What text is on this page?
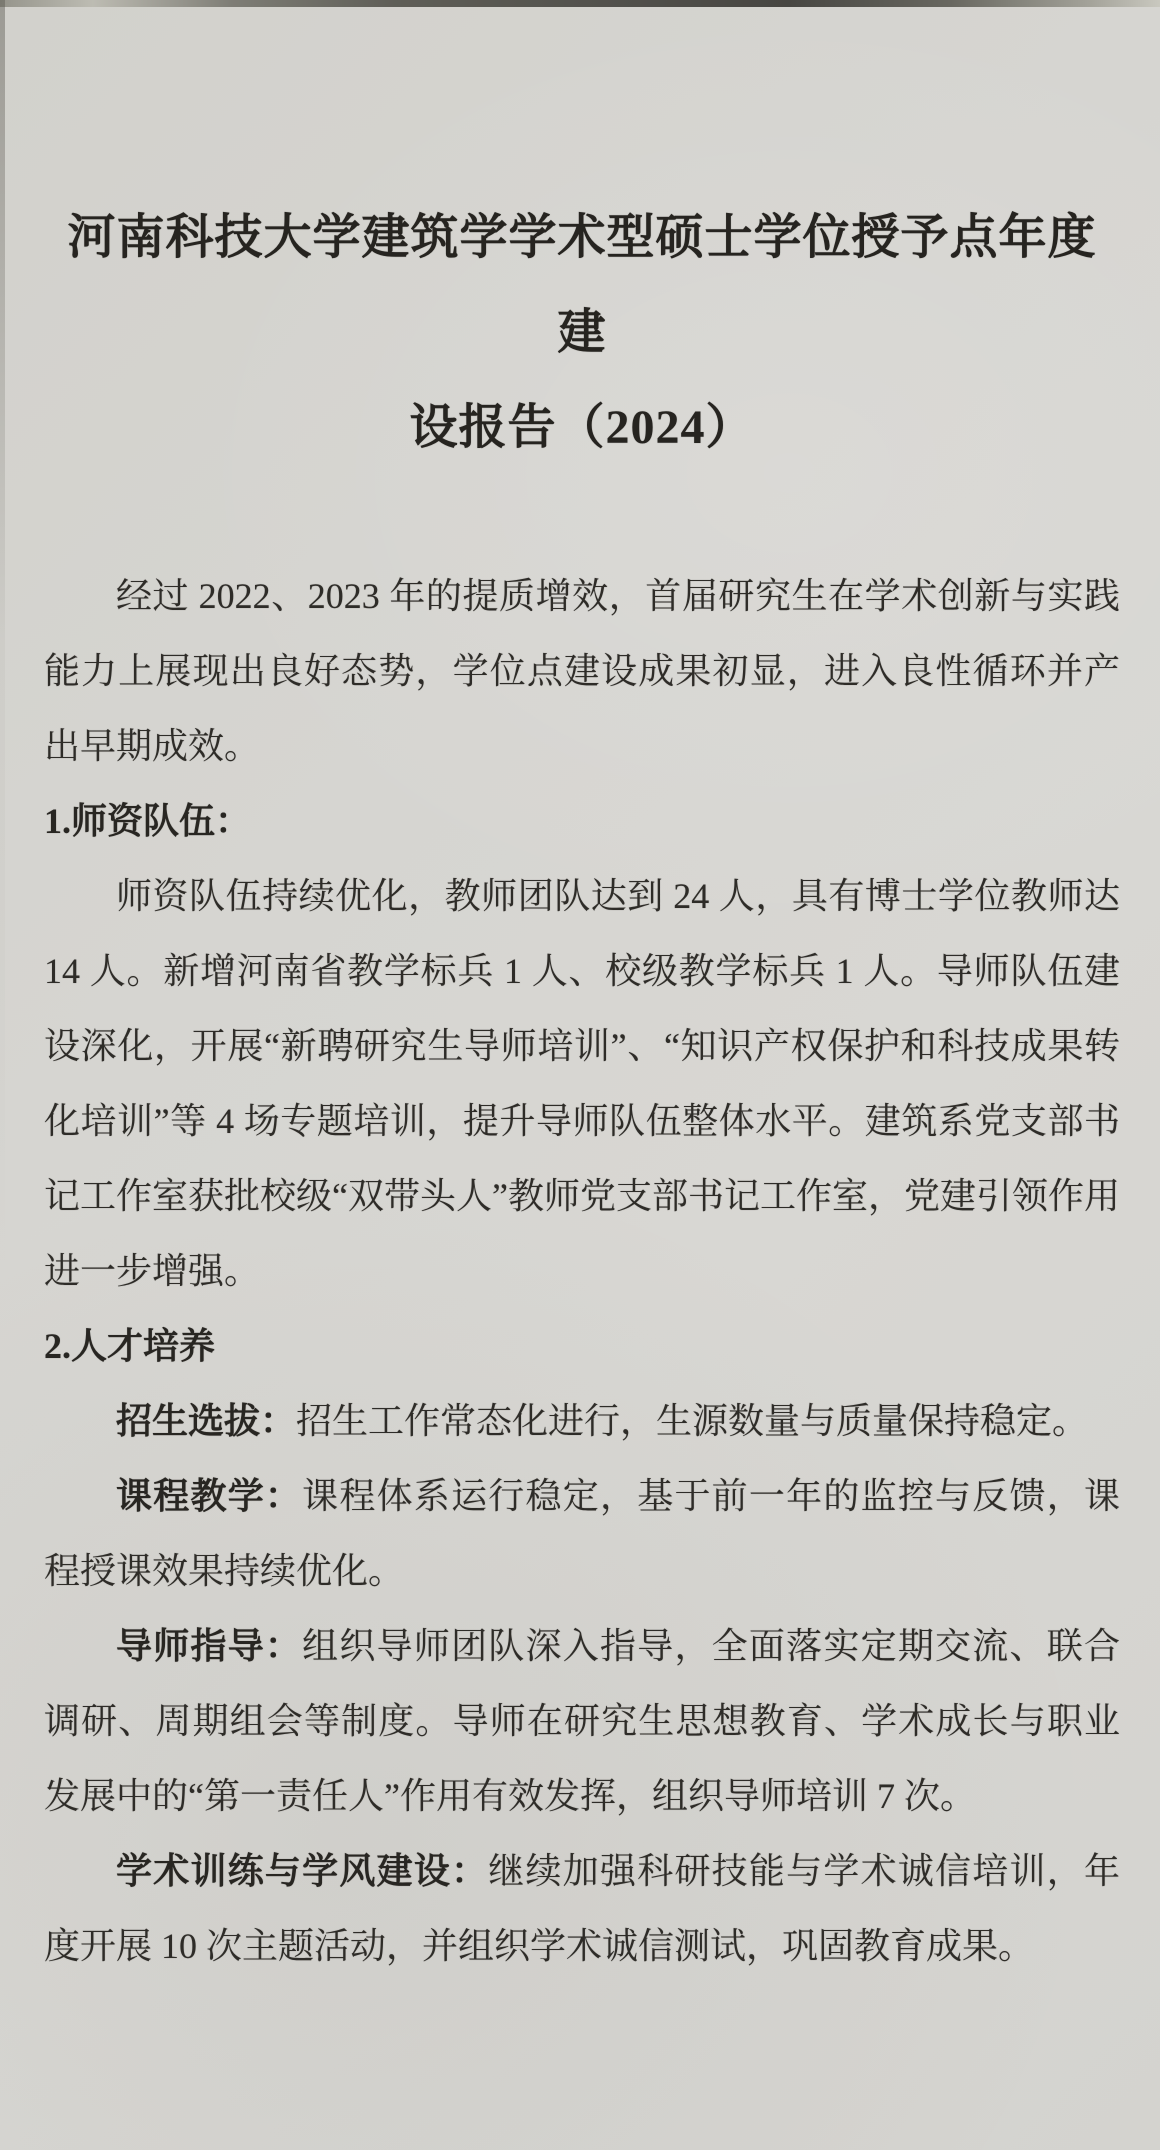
河南科技大学建筑学学术型硕士学位授予点年度建
设报告（2024）

经过 2022、2023 年的提质增效，首届研究生在学术创新与实践能力上展现出良好态势，学位点建设成果初显，进入良性循环并产出早期成效。

1.师资队伍：

师资队伍持续优化，教师团队达到 24 人，具有博士学位教师达 14 人。新增河南省教学标兵 1 人、校级教学标兵 1 人。导师队伍建设深化，开展“新聘研究生导师培训”、“知识产权保护和科技成果转化培训”等 4 场专题培训，提升导师队伍整体水平。建筑系党支部书记工作室获批校级“双带头人”教师党支部书记工作室，党建引领作用进一步增强。

2.人才培养

招生选拔：招生工作常态化进行，生源数量与质量保持稳定。

课程教学：课程体系运行稳定，基于前一年的监控与反馈，课程授课效果持续优化。

导师指导：组织导师团队深入指导，全面落实定期交流、联合调研、周期组会等制度。导师在研究生思想教育、学术成长与职业发展中的“第一责任人”作用有效发挥，组织导师培训 7 次。

学术训练与学风建设：继续加强科研技能与学术诚信培训，年度开展 10 次主题活动，并组织学术诚信测试，巩固教育成果。
